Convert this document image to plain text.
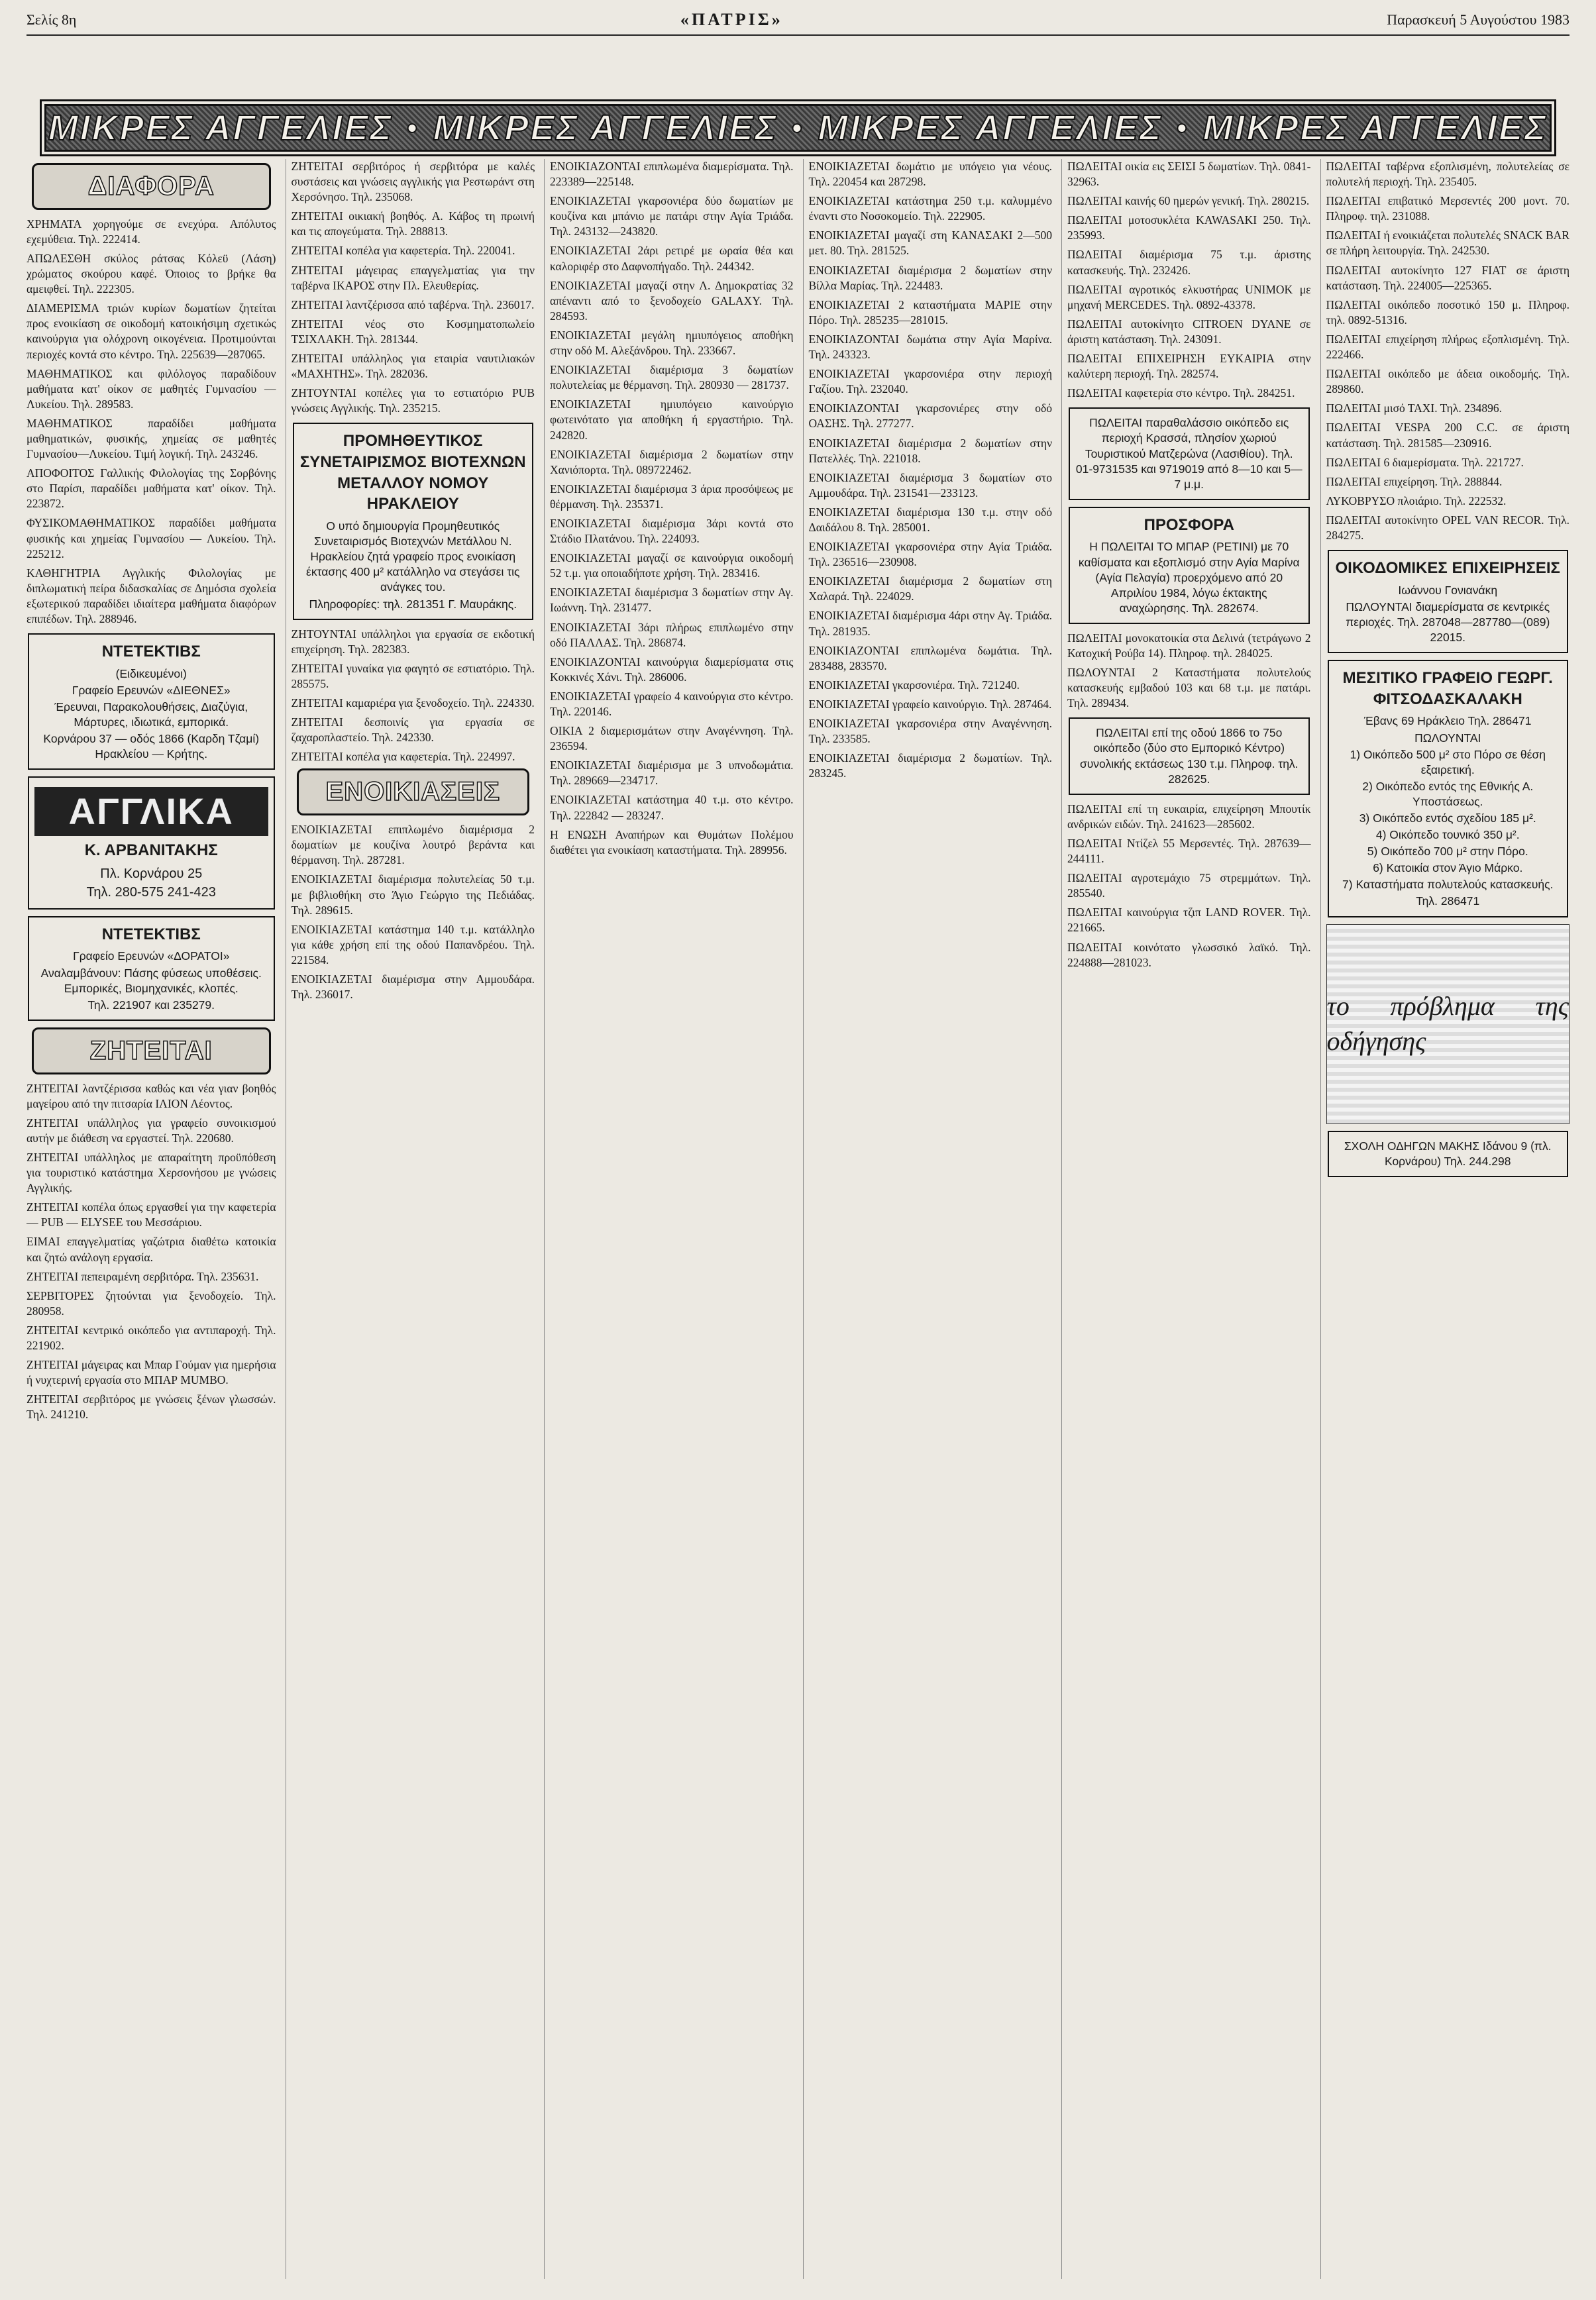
Σελίς 8η	«ΠΑΤΡΙΣ»	Παρασκευή 5 Αυγούστου 1983
ΜΙΚΡΕΣ ΑΓΓΕΛΙΕΣ ● ΜΙΚΡΕΣ ΑΓΓΕΛΙΕΣ ● ΜΙΚΡΕΣ ΑΓΓΕΛΙΕΣ ● ΜΙΚΡΕΣ ΑΓΓΕΛΙΕΣ
ΔΙΑΦΟΡΑ

ΧΡΗΜΑΤΑ χορηγούμε σε ενεχύρα. Απόλυτος εχεμύθεια. Τηλ. 222414.

ΑΠΩΛΕΣΘΗ σκύλος ράτσας Κόλεϋ (Λάση) χρώματος σκούρου καφέ. Όποιος το βρήκε θα αμειφθεί. Τηλ. 222305.

ΔΙΑΜΕΡΙΣΜΑ τριών κυρίων δωματίων ζητείται προς ενοικίαση σε οικοδομή κατοικήσιμη σχετικώς καινούργια για ολόχρονη οικογένεια. Προτιμούνται περιοχές κοντά στο κέντρο. Τηλ. 225639—287065.

ΜΑΘΗΜΑΤΙΚΟΣ και φιλόλογος παραδίδουν μαθήματα κατ' οίκον σε μαθητές Γυμνασίου — Λυκείου. Τηλ. 289583.

ΜΑΘΗΜΑΤΙΚΟΣ παραδίδει μαθήματα μαθηματικών, φυσικής, χημείας σε μαθητές Γυμνασίου—Λυκείου. Τιμή λογική. Τηλ. 243246.

ΑΠΟΦΟΙΤΟΣ Γαλλικής Φιλολογίας της Σορβόνης στο Παρίσι, παραδίδει μαθήματα κατ' οίκον. Τηλ. 223872.

ΦΥΣΙΚΟΜΑΘΗΜΑΤΙΚΟΣ παραδίδει μαθήματα φυσικής και χημείας Γυμνασίου — Λυκείου. Τηλ. 225212.

ΚΑΘΗΓΗΤΡΙΑ Αγγλικής Φιλολογίας με διπλωματική πείρα διδασκαλίας σε Δημόσια σχολεία εξωτερικού παραδίδει ιδιαίτερα μαθήματα διαφόρων επιπέδων. Τηλ. 288946.

ΝΤΕΤΕΚΤΙΒΣ
(Ειδικευμένοι)
Γραφείο Ερευνών «ΔΙΕΘΝΕΣ»
Έρευναι, Παρακολουθήσεις, Διαζύγια, Μάρτυρες, ιδιωτικά, εμπορικά.
Κορνάρου 37 — οδός 1866 (Καρδη Τζαμί) Ηρακλείου — Κρήτης.
ΑΓΓΛΙΚΑ
Κ. ΑΡΒΑΝΙΤΑΚΗΣ
Πλ. Κορνάρου 25
Τηλ. 280-575 241-423
ΝΤΕΤΕΚΤΙΒΣ
Γραφείο Ερευνών «ΔΟΡΑΤΟΙ»
Αναλαμβάνουν: Πάσης φύσεως υποθέσεις. Εμπορικές, Βιομηχανικές, κλοπές.
Τηλ. 221907 και 235279.
ΖΗΤΕΙΤΑΙ

ΖΗΤΕΙΤΑΙ λαντζέρισσα καθώς και νέα γιαν βοηθός μαγείρου από την πιτσαρία ΙΛΙΟΝ Λέοντος.

ΖΗΤΕΙΤΑΙ υπάλληλος για γραφείο συνοικισμού αυτήν με διάθεση να εργαστεί. Τηλ. 220680.

ΖΗΤΕΙΤΑΙ υπάλληλος με απαραίτητη προϋπόθεση για τουριστικό κατάστημα Χερσονήσου με γνώσεις Αγγλικής.

ΖΗΤΕΙΤΑΙ κοπέλα όπως εργασθεί για την καφετερία — PUB — ELYSEE του Μεσσάριου.

ΕΙΜΑΙ επαγγελματίας γαζώτρια διαθέτω κατοικία και ζητώ ανάλογη εργασία.

ΖΗΤΕΙΤΑΙ πεπειραμένη σερβιτόρα. Τηλ. 235631.

ΣΕΡΒΙΤΟΡΕΣ ζητούνται για ξενοδοχείο. Τηλ. 280958.

ΖΗΤΕΙΤΑΙ κεντρικό οικόπεδο για αντιπαροχή. Τηλ. 221902.

ΖΗΤΕΙΤΑΙ μάγειρας και Μπαρ Γούμαν για ημερήσια ή νυχτερινή εργασία στο ΜΠΑΡ MUMBO.

ΖΗΤΕΙΤΑΙ σερβιτόρος με γνώσεις ξένων γλωσσών. Τηλ. 241210.

ΖΗΤΕΙΤΑΙ σερβιτόρος ή σερβιτόρα με καλές συστάσεις και γνώσεις αγγλικής για Ρεστωράντ στη Χερσόνησο. Τηλ. 235068.

ΖΗΤΕΙΤΑΙ οικιακή βοηθός. Α. Κάβος τη πρωινή και τις απογεύματα. Τηλ. 288813.

ΖΗΤΕΙΤΑΙ κοπέλα για καφετερία. Τηλ. 220041.

ΖΗΤΕΙΤΑΙ μάγειρας επαγγελματίας για την ταβέρνα ΙΚΑΡΟΣ στην Πλ. Ελευθερίας.

ΖΗΤΕΙΤΑΙ λαντζέρισσα από ταβέρνα. Τηλ. 236017.

ΖΗΤΕΙΤΑΙ νέος στο Κοσμηματοπωλείο ΤΣΙΧΛΑΚΗ. Τηλ. 281344.

ΖΗΤΕΙΤΑΙ υπάλληλος για εταιρία ναυτιλιακών «ΜΑΧΗΤΗΣ». Τηλ. 282036.

ΖΗΤΟΥΝΤΑΙ κοπέλες για το εστιατόριο PUB γνώσεις Αγγλικής. Τηλ. 235215.

ΠΡΟΜΗΘΕΥΤΙΚΟΣ ΣΥΝΕΤΑΙΡΙΣΜΟΣ ΒΙΟΤΕΧΝΩΝ ΜΕΤΑΛΛΟΥ ΝΟΜΟΥ ΗΡΑΚΛΕΙΟΥ
Ο υπό δημιουργία Προμηθευτικός Συνεταιρισμός Βιοτεχνών Μετάλλου Ν. Ηρακλείου ζητά γραφείο προς ενοικίαση έκτασης 400 μ² κατάλληλο να στεγάσει τις ανάγκες του.
Πληροφορίες: τηλ. 281351 Γ. Μαυράκης.

ΖΗΤΟΥΝΤΑΙ υπάλληλοι για εργασία σε εκδοτική επιχείρηση. Τηλ. 282383.

ΖΗΤΕΙΤΑΙ γυναίκα για φαγητό σε εστιατόριο. Τηλ. 285575.

ΖΗΤΕΙΤΑΙ καμαριέρα για ξενοδοχείο. Τηλ. 224330.

ΖΗΤΕΙΤΑΙ δεσποινίς για εργασία σε ζαχαροπλαστείο. Τηλ. 242330.

ΖΗΤΕΙΤΑΙ κοπέλα για καφετερία. Τηλ. 224997.

ΕΝΟΙΚΙΑΣΕΙΣ

ΕΝΟΙΚΙΑΖΕΤΑΙ επιπλωμένο διαμέρισμα 2 δωματίων με κουζίνα λουτρό βεράντα και θέρμανση. Τηλ. 287281.

ΕΝΟΙΚΙΑΖΕΤΑΙ διαμέρισμα πολυτελείας 50 τ.μ. με βιβλιοθήκη στο Άγιο Γεώργιο της Πεδιάδας. Τηλ. 289615.

ΕΝΟΙΚΙΑΖΕΤΑΙ κατάστημα 140 τ.μ. κατάλληλο για κάθε χρήση επί της οδού Παπανδρέου. Τηλ. 221584.

ΕΝΟΙΚΙΑΖΕΤΑΙ διαμέρισμα στην Αμμουδάρα. Τηλ. 236017.

ΕΝΟΙΚΙΑΖΟΝΤΑΙ επιπλωμένα διαμερίσματα. Τηλ. 223389—225148.

ΕΝΟΙΚΙΑΖΕΤΑΙ γκαρσονιέρα δύο δωματίων με κουζίνα και μπάνιο με πατάρι στην Αγία Τριάδα. Τηλ. 243132—243820.

ΕΝΟΙΚΙΑΖΕΤΑΙ 2άρι ρετιρέ με ωραία θέα και καλοριφέρ στο Δαφνοπήγαδο. Τηλ. 244342.

ΕΝΟΙΚΙΑΖΕΤΑΙ μαγαζί στην Λ. Δημοκρατίας 32 απέναντι από το ξενοδοχείο GALAXY. Τηλ. 284593.

ΕΝΟΙΚΙΑΖΕΤΑΙ μεγάλη ημιυπόγειος αποθήκη στην οδό Μ. Αλεξάνδρου. Τηλ. 233667.

ΕΝΟΙΚΙΑΖΕΤΑΙ διαμέρισμα 3 δωματίων πολυτελείας με θέρμανση. Τηλ. 280930 — 281737.

ΕΝΟΙΚΙΑΖΕΤΑΙ ημιυπόγειο καινούργιο φωτεινότατο για αποθήκη ή εργαστήριο. Τηλ. 242820.

ΕΝΟΙΚΙΑΖΕΤΑΙ διαμέρισμα 2 δωματίων στην Χανιόπορτα. Τηλ. 089722462.

ΕΝΟΙΚΙΑΖΕΤΑΙ διαμέρισμα 3 άρια προσόψεως με θέρμανση. Τηλ. 235371.

ΕΝΟΙΚΙΑΖΕΤΑΙ διαμέρισμα 3άρι κοντά στο Στάδιο Πλατάνου. Τηλ. 224093.

ΕΝΟΙΚΙΑΖΕΤΑΙ μαγαζί σε καινούργια οικοδομή 52 τ.μ. για οποιαδήποτε χρήση. Τηλ. 283416.

ΕΝΟΙΚΙΑΖΕΤΑΙ διαμέρισμα 3 δωματίων στην Αγ. Ιωάννη. Τηλ. 231477.

ΕΝΟΙΚΙΑΖΕΤΑΙ 3άρι πλήρως επιπλωμένο στην οδό ΠΑΛΛΑΣ. Τηλ. 286874.

ΕΝΟΙΚΙΑΖΟΝΤΑΙ καινούργια διαμερίσματα στις Κοκκινές Χάνι. Τηλ. 286006.

ΕΝΟΙΚΙΑΖΕΤΑΙ γραφείο 4 καινούργια στο κέντρο. Τηλ. 220146.

ΟΙΚΙΑ 2 διαμερισμάτων στην Αναγέννηση. Τηλ. 236594.

ΕΝΟΙΚΙΑΖΕΤΑΙ διαμέρισμα με 3 υπνοδωμάτια. Τηλ. 289669—234717.

ΕΝΟΙΚΙΑΖΕΤΑΙ κατάστημα 40 τ.μ. στο κέντρο. Τηλ. 222842 — 283247.

Η ΕΝΩΣΗ Αναπήρων και Θυμάτων Πολέμου διαθέτει για ενοικίαση καταστήματα. Τηλ. 289956.

ΕΝΟΙΚΙΑΖΕΤΑΙ δωμάτιο με υπόγειο για νέους. Τηλ. 220454 και 287298.

ΕΝΟΙΚΙΑΖΕΤΑΙ κατάστημα 250 τ.μ. καλυμμένο έναντι στο Νοσοκομείο. Τηλ. 222905.

ΕΝΟΙΚΙΑΖΕΤΑΙ μαγαζί στη ΚΑΝΑΣΑΚΙ 2—500 μετ. 80. Τηλ. 281525.

ΕΝΟΙΚΙΑΖΕΤΑΙ διαμέρισμα 2 δωματίων στην Βίλλα Μαρίας. Τηλ. 224483.

ΕΝΟΙΚΙΑΖΕΤΑΙ 2 καταστήματα ΜΑΡΙΕ στην Πόρο. Τηλ. 285235—281015.

ΕΝΟΙΚΙΑΖΟΝΤΑΙ δωμάτια στην Αγία Μαρίνα. Τηλ. 243323.

ΕΝΟΙΚΙΑΖΕΤΑΙ γκαρσονιέρα στην περιοχή Γαζίου. Τηλ. 232040.

ΕΝΟΙΚΙΑΖΟΝΤΑΙ γκαρσονιέρες στην οδό ΟΑΣΗΣ. Τηλ. 277277.

ΕΝΟΙΚΙΑΖΕΤΑΙ διαμέρισμα 2 δωματίων στην Πατελλές. Τηλ. 221018.

ΕΝΟΙΚΙΑΖΕΤΑΙ διαμέρισμα 3 δωματίων στο Αμμουδάρα. Τηλ. 231541—233123.

ΕΝΟΙΚΙΑΖΕΤΑΙ διαμέρισμα 130 τ.μ. στην οδό Δαιδάλου 8. Τηλ. 285001.

ΕΝΟΙΚΙΑΖΕΤΑΙ γκαρσονιέρα στην Αγία Τριάδα. Τηλ. 236516—230908.

ΕΝΟΙΚΙΑΖΕΤΑΙ διαμέρισμα 2 δωματίων στη Χαλαρά. Τηλ. 224029.

ΕΝΟΙΚΙΑΖΕΤΑΙ διαμέρισμα 4άρι στην Αγ. Τριάδα. Τηλ. 281935.

ΕΝΟΙΚΙΑΖΟΝΤΑΙ επιπλωμένα δωμάτια. Τηλ. 283488, 283570.

ΕΝΟΙΚΙΑΖΕΤΑΙ γκαρσονιέρα. Τηλ. 721240.

ΕΝΟΙΚΙΑΖΕΤΑΙ γραφείο καινούργιο. Τηλ. 287464.

ΕΝΟΙΚΙΑΖΕΤΑΙ γκαρσονιέρα στην Αναγέννηση. Τηλ. 233585.

ΕΝΟΙΚΙΑΖΕΤΑΙ διαμέρισμα 2 δωματίων. Τηλ. 283245.

ΠΩΛΕΙΤΑΙ οικία εις ΣΕΙΣΙ 5 δωματίων. Τηλ. 0841-32963.

ΠΩΛΕΙΤΑΙ καινής 60 ημερών γενική. Τηλ. 280215.

ΠΩΛΕΙΤΑΙ μοτοσυκλέτα KAWASAKI 250. Τηλ. 235993.

ΠΩΛΕΙΤΑΙ διαμέρισμα 75 τ.μ. άριστης κατασκευής. Τηλ. 232426.

ΠΩΛΕΙΤΑΙ αγροτικός ελκυστήρας UNIMOK με μηχανή MERCEDES. Τηλ. 0892-43378.

ΠΩΛΕΙΤΑΙ αυτοκίνητο CITROEN DYANE σε άριστη κατάσταση. Τηλ. 243091.

ΠΩΛΕΙΤΑΙ ΕΠΙΧΕΙΡΗΣΗ ΕΥΚΑΙΡΙΑ στην καλύτερη περιοχή. Τηλ. 282574.

ΠΩΛΕΙΤΑΙ καφετερία στο κέντρο. Τηλ. 284251.

ΠΩΛΕΙΤΑΙ παραθαλάσσιο οικόπεδο εις περιοχή Κρασσά, πλησίον χωριού Τουριστικού Ματζερώνα (Λασιθίου). Τηλ. 01-9731535 και 9719019 από 8—10 και 5—7 μ.μ.
ΠΡΟΣΦΟΡΑ
Η ΠΩΛΕΙΤΑΙ ΤΟ ΜΠΑΡ (ΡΕΤΙΝΙ) με 70 καθίσματα και εξοπλισμό στην Αγία Μαρίνα (Αγία Πελαγία) προερχόμενο από 20 Απριλίου 1984, λόγω έκτακτης αναχώρησης. Τηλ. 282674.

ΠΩΛΕΙΤΑΙ μονοκατοικία στα Δελινά (τετράγωνο 2 Κατοχική Ρούβα 14). Πληροφ. τηλ. 284025.

ΠΩΛΟΥΝΤΑΙ 2 Καταστήματα πολυτελούς κατασκευής εμβαδού 103 και 68 τ.μ. με πατάρι. Τηλ. 289434.

ΠΩΛΕΙΤΑΙ επί της οδού 1866 το 75ο οικόπεδο (δύο στο Εμπορικό Κέντρο) συνολικής εκτάσεως 130 τ.μ. Πληροφ. τηλ. 282625.

ΠΩΛΕΙΤΑΙ επί τη ευκαιρία, επιχείρηση Μπουτίκ ανδρικών ειδών. Τηλ. 241623—285602.

ΠΩΛΕΙΤΑΙ Ντίζελ 55 Μερσεντές. Τηλ. 287639—244111.

ΠΩΛΕΙΤΑΙ αγροτεμάχιο 75 στρεμμάτων. Τηλ. 285540.

ΠΩΛΕΙΤΑΙ καινούργια τζιπ LAND ROVER. Τηλ. 221665.

ΠΩΛΕΙΤΑΙ κοινότατο γλωσσικό λαϊκό. Τηλ. 224888—281023.

ΠΩΛΕΙΤΑΙ ταβέρνα εξοπλισμένη, πολυτελείας σε πολυτελή περιοχή. Τηλ. 235405.

ΠΩΛΕΙΤΑΙ επιβατικό Μερσεντές 200 μοντ. 70. Πληροφ. τηλ. 231088.

ΠΩΛΕΙΤΑΙ ή ενοικιάζεται πολυτελές SNACK BAR σε πλήρη λειτουργία. Τηλ. 242530.

ΠΩΛΕΙΤΑΙ αυτοκίνητο 127 FIAT σε άριστη κατάσταση. Τηλ. 224005—225365.

ΠΩΛΕΙΤΑΙ οικόπεδο ποσοτικό 150 μ. Πληροφ. τηλ. 0892-51316.

ΠΩΛΕΙΤΑΙ επιχείρηση πλήρως εξοπλισμένη. Τηλ. 222466.

ΠΩΛΕΙΤΑΙ οικόπεδο με άδεια οικοδομής. Τηλ. 289860.

ΠΩΛΕΙΤΑΙ μισό ΤΑΧΙ. Τηλ. 234896.

ΠΩΛΕΙΤΑΙ VESPA 200 C.C. σε άριστη κατάσταση. Τηλ. 281585—230916.

ΠΩΛΕΙΤΑΙ 6 διαμερίσματα. Τηλ. 221727.

ΠΩΛΕΙΤΑΙ επιχείρηση. Τηλ. 288844.

ΛΥΚΟΒΡΥΣΟ πλοιάριο. Τηλ. 222532.

ΠΩΛΕΙΤΑΙ αυτοκίνητο OPEL VAN RECOR. Τηλ. 284275.

ΟΙΚΟΔΟΜΙΚΕΣ ΕΠΙΧΕΙΡΗΣΕΙΣ
Ιωάννου Γονιανάκη
ΠΩΛΟΥΝΤΑΙ διαμερίσματα σε κεντρικές περιοχές. Τηλ. 287048—287780—(089) 22015.
ΜΕΣΙΤΙΚΟ ΓΡΑΦΕΙΟ ΓΕΩΡΓ. ΦΙΤΣΟΔΑΣΚΑΛΑΚΗ
Έβανς 69 Ηράκλειο Τηλ. 286471
ΠΩΛΟΥΝΤΑΙ
1) Οικόπεδο 500 μ² στο Πόρο σε θέση εξαιρετική.
2) Οικόπεδο εντός της Εθνικής Α. Υποστάσεως.
3) Οικόπεδο εντός σχεδίου 185 μ².
4) Οικόπεδο τουνικό 350 μ².
5) Οικόπεδο 700 μ² στην Πόρο.
6) Κατοικία στον Άγιο Μάρκο.
7) Καταστήματα πολυτελούς κατασκευής.
Τηλ. 286471
το πρόβλημα της οδήγησης
ΣΧΟΛΗ ΟΔΗΓΩΝ ΜΑΚΗΣ Ιδάνου 9 (πλ. Κορνάρου) Τηλ. 244.298
